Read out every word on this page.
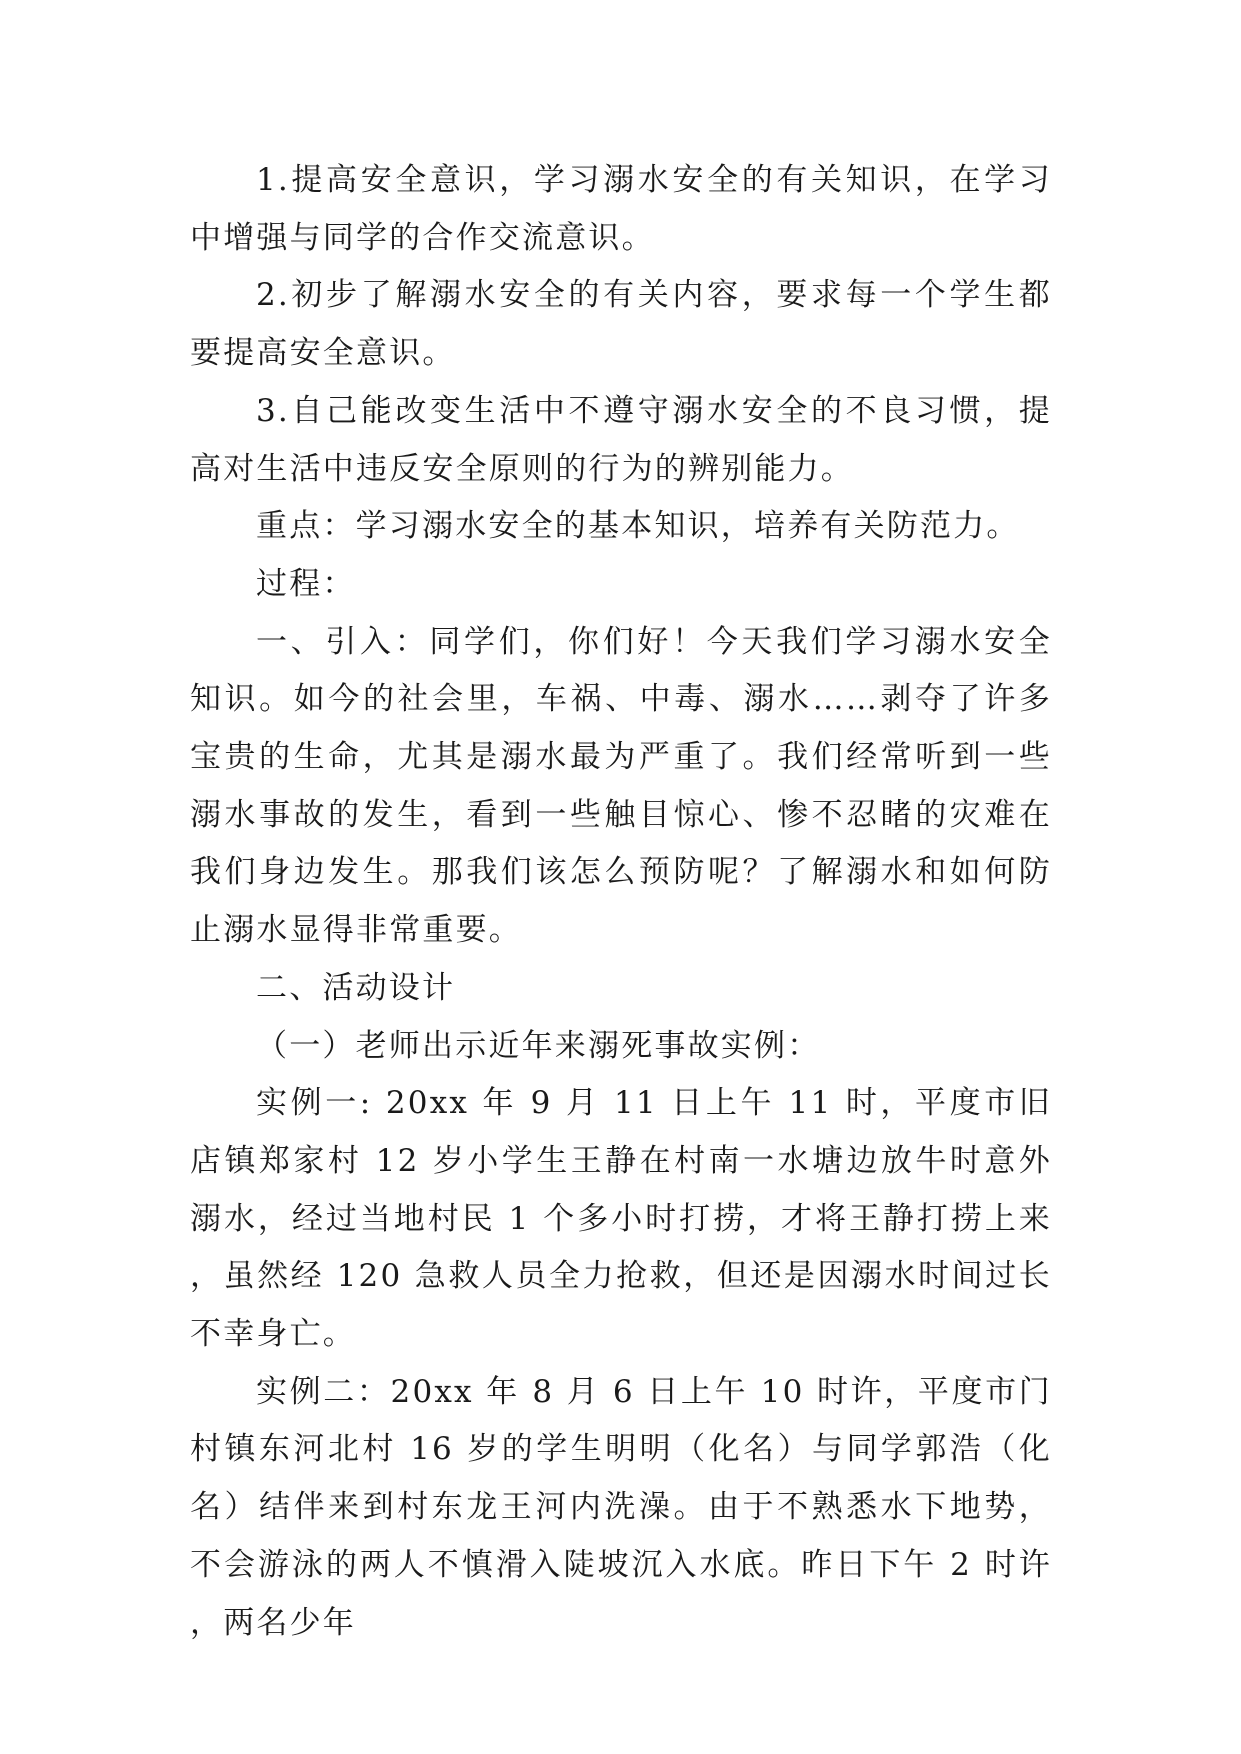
1.提高安全意识，学习溺水安全的有关知识，在学习中增强与同学的合作交流意识。

2.初步了解溺水安全的有关内容，要求每一个学生都要提高安全意识。

3.自己能改变生活中不遵守溺水安全的不良习惯，提高对生活中违反安全原则的行为的辨别能力。

重点：学习溺水安全的基本知识，培养有关防范力。

过程：

一、引入：同学们，你们好！今天我们学习溺水安全知识。如今的社会里，车祸、中毒、溺水……剥夺了许多宝贵的生命，尤其是溺水最为严重了。我们经常听到一些溺水事故的发生，看到一些触目惊心、惨不忍睹的灾难在我们身边发生。那我们该怎么预防呢？了解溺水和如何防止溺水显得非常重要。

二、活动设计

（一）老师出示近年来溺死事故实例：

实例一: 20xx 年 9 月 11 日上午 11 时，平度市旧店镇郑家村 12 岁小学生王静在村南一水塘边放牛时意外溺水，经过当地村民 1 个多小时打捞，才将王静打捞上来，虽然经 120 急救人员全力抢救，但还是因溺水时间过长不幸身亡。

实例二：20xx 年 8 月 6 日上午 10 时许，平度市门村镇东河北村 16 岁的学生明明（化名）与同学郭浩（化名）结伴来到村东龙王河内洗澡。由于不熟悉水下地势，不会游泳的两人不慎滑入陡坡沉入水底。昨日下午 2 时许，两名少年
